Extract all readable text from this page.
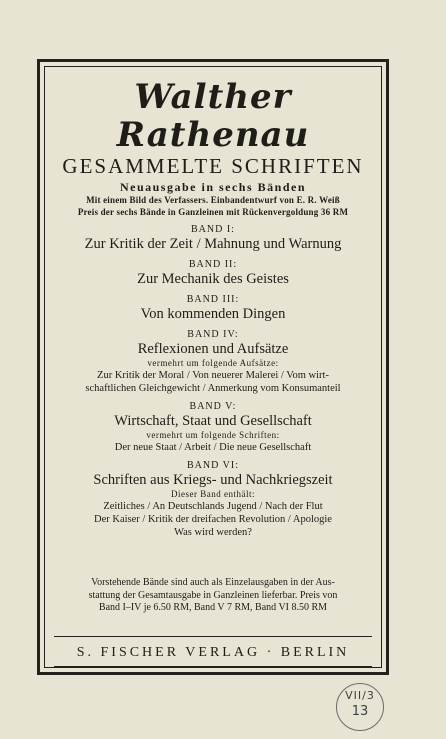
Walther Rathenau
GESAMMELTE SCHRIFTEN
Neuausgabe in sechs Bänden
Mit einem Bild des Verfassers. Einbandentwurf von E. R. Weiß
Preis der sechs Bände in Ganzleinen mit Rückenvergoldung 36 RM
BAND I:
Zur Kritik der Zeit / Mahnung und Warnung
BAND II:
Zur Mechanik des Geistes
BAND III:
Von kommenden Dingen
BAND IV:
Reflexionen und Aufsätze
vermehrt um folgende Aufsätze:
Zur Kritik der Moral / Von neuerer Malerei / Vom wirt-
schaftlichen Gleichgewicht / Anmerkung vom Konsumanteil
BAND V:
Wirtschaft, Staat und Gesellschaft
vermehrt um folgende Schriften:
Der neue Staat / Arbeit / Die neue Gesellschaft
BAND VI:
Schriften aus Kriegs- und Nachkriegszeit
Dieser Band enthält:
Zeitliches / An Deutschlands Jugend / Nach der Flut
Der Kaiser / Kritik der dreifachen Revolution / Apologie
Was wird werden?
Vorstehende Bände sind auch als Einzelausgaben in der Aus-
stattung der Gesamtausgabe in Ganzleinen lieferbar. Preis von
Band I–IV je 6.50 RM, Band V 7 RM, Band VI 8.50 RM
S. FISCHER VERLAG · BERLIN
VII/3
13
